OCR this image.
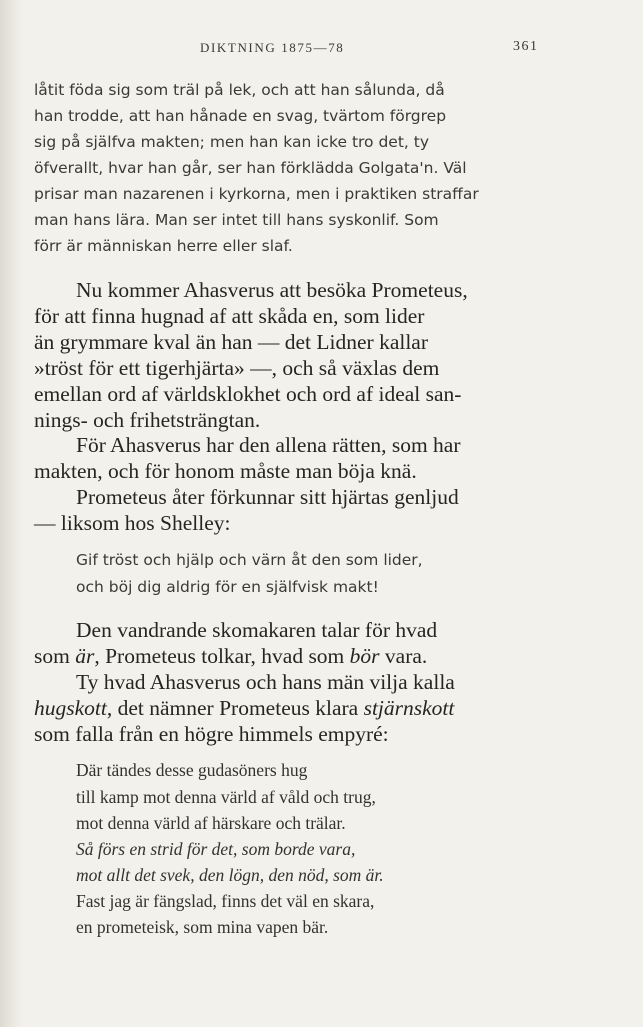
DIKTNING 1875—78	361
låtit föda sig som träl på lek, och att han sålunda, då
han trodde, att han hånade en svag, tvärtom förgrep
sig på själfva makten; men han kan icke tro det, ty
öfverallt, hvar han går, ser han förklädda Golgata'n. Väl
prisar man nazarenen i kyrkorna, men i praktiken straffar
man hans lära. Man ser intet till hans syskonlif. Som
förr är människan herre eller slaf.
Nu kommer Ahasverus att besöka Prometeus,
för att finna hugnad af att skåda en, som lider
än grymmare kval än han — det Lidner kallar
»tröst för ett tigerhjärta» —, och så växlas dem
emellan ord af världsklokhet och ord af ideal san-
nings- och frihetsträngtan.
För Ahasverus har den allena rätten, som har
makten, och för honom måste man böja knä.
Prometeus åter förkunnar sitt hjärtas genljud
— liksom hos Shelley:
Gif tröst och hjälp och värn åt den som lider,
och böj dig aldrig för en själfvisk makt!
Den vandrande skomakaren talar för hvad
som är, Prometeus tolkar, hvad som bör vara.
Ty hvad Ahasverus och hans män vilja kalla
hugskott, det nämner Prometeus klara stjärnskott
som falla från en högre himmels empyré:
Där tändes desse gudasöners hug
till kamp mot denna värld af våld och trug,
mot denna värld af härskare och trälar.
Så förs en strid för det, som borde vara,
mot allt det svek, den lögn, den nöd, som är.
Fast jag är fängslad, finns det väl en skara,
en prometeisk, som mina vapen bär.
